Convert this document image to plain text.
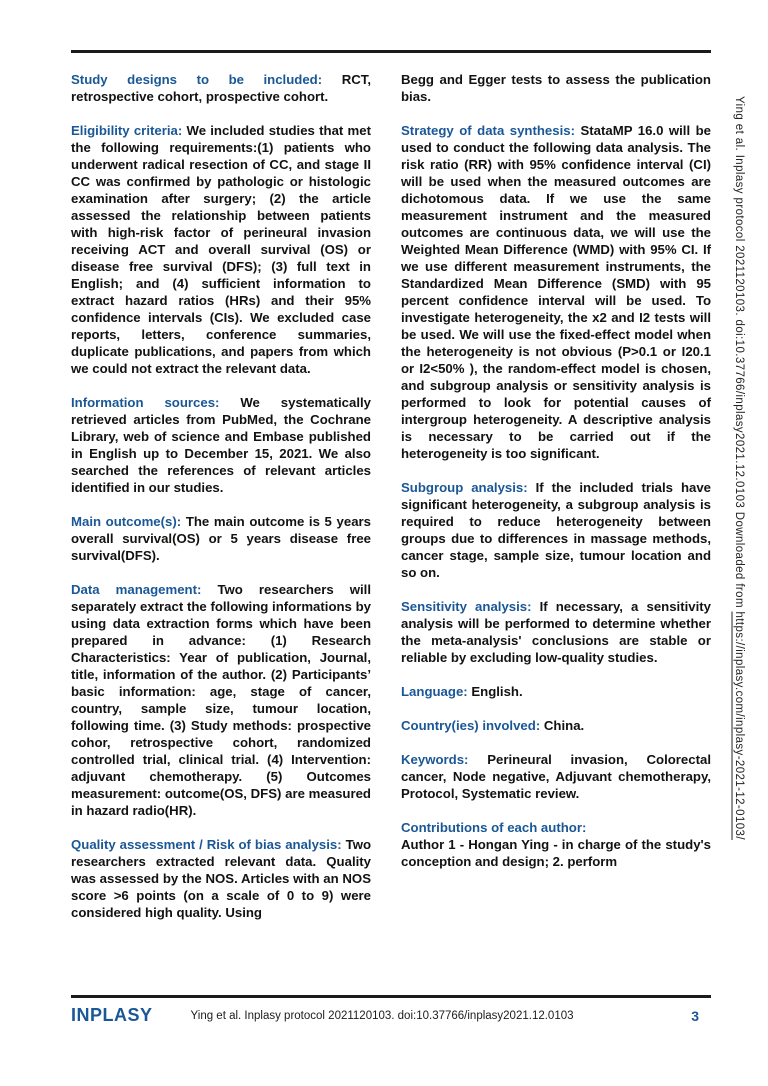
Study designs to be included: RCT, retrospective cohort, prospective cohort.

Eligibility criteria: We included studies that met the following requirements:(1) patients who underwent radical resection of CC, and stage II CC was confirmed by pathologic or histologic examination after surgery; (2) the article assessed the relationship between patients with high-risk factor of perineural invasion receiving ACT and overall survival (OS) or disease free survival (DFS); (3) full text in English; and (4) sufficient information to extract hazard ratios (HRs) and their 95% confidence intervals (CIs). We excluded case reports, letters, conference summaries, duplicate publications, and papers from which we could not extract the relevant data.

Information sources: We systematically retrieved articles from PubMed, the Cochrane Library, web of science and Embase published in English up to December 15, 2021. We also searched the references of relevant articles identified in our studies.

Main outcome(s): The main outcome is 5 years overall survival(OS) or 5 years disease free survival(DFS).

Data management: Two researchers will separately extract the following informations by using data extraction forms which have been prepared in advance: (1) Research Characteristics: Year of publication, Journal, title, information of the author. (2) Participants’ basic information: age, stage of cancer, country, sample size, tumour location, following time. (3) Study methods: prospective cohor, retrospective cohort, randomized controlled trial, clinical trial. (4) Intervention: adjuvant chemotherapy. (5) Outcomes measurement: outcome(OS, DFS) are measured in hazard radio(HR).

Quality assessment / Risk of bias analysis: Two researchers extracted relevant data. Quality was assessed by the NOS. Articles with an NOS score >6 points (on a scale of 0 to 9) were considered high quality. Using

Begg and Egger tests to assess the publication bias.

Strategy of data synthesis: StataMP 16.0 will be used to conduct the following data analysis. The risk ratio (RR) with 95% confidence interval (CI) will be used when the measured outcomes are dichotomous data. If we use the same measurement instrument and the measured outcomes are continuous data, we will use the Weighted Mean Difference (WMD) with 95% CI. If we use different measurement instruments, the Standardized Mean Difference (SMD) with 95 percent confidence interval will be used. To investigate heterogeneity, the x2 and I2 tests will be used. We will use the fixed-effect model when the heterogeneity is not obvious (P>0.1 or I20.1 or I2<50% ), the random-effect model is chosen, and subgroup analysis or sensitivity analysis is performed to look for potential causes of intergroup heterogeneity. A descriptive analysis is necessary to be carried out if the heterogeneity is too significant.

Subgroup analysis: If the included trials have significant heterogeneity, a subgroup analysis is required to reduce heterogeneity between groups due to differences in massage methods, cancer stage, sample size, tumour location and so on.

Sensitivity analysis: If necessary, a sensitivity analysis will be performed to determine whether the meta-analysis' conclusions are stable or reliable by excluding low-quality studies.

Language: English.

Country(ies) involved: China.

Keywords: Perineural invasion, Colorectal cancer, Node negative, Adjuvant chemotherapy, Protocol, Systematic review.

Contributions of each author:
Author 1 - Hongan Ying - in charge of the study's conception and design; 2. perform

Ying et al. Inplasy protocol 2021120103. doi:10.37766/inplasy2021.12.0103 Downloaded from https://inplasy.com/inplasy-2021-12-0103/
INPLASY	Ying et al. Inplasy protocol 2021120103. doi:10.37766/inplasy2021.12.0103	3
